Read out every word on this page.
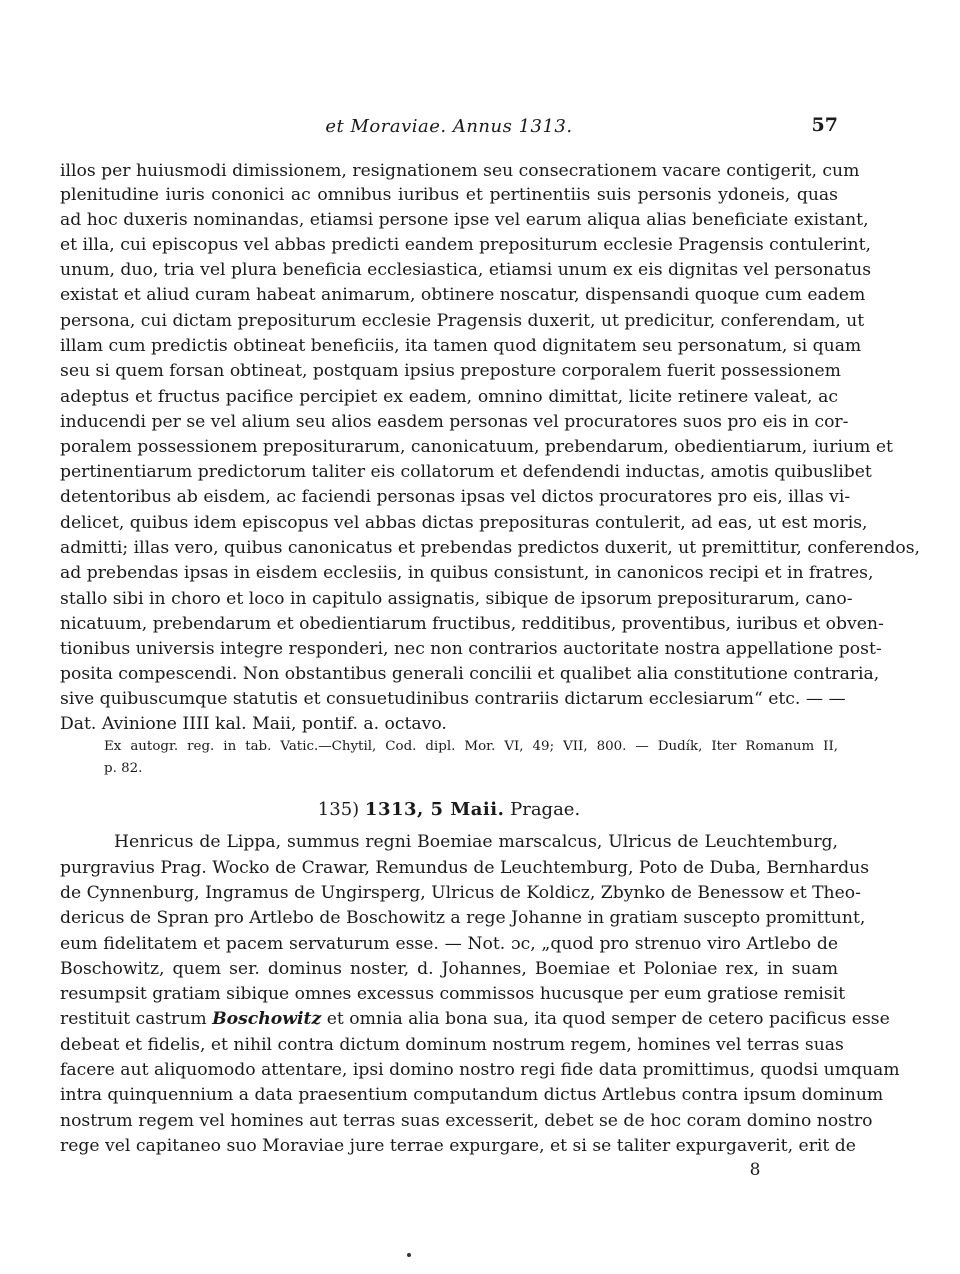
et Moraviae. Annus 1313.	57
illos per huiusmodi dimissionem, resignationem seu consecrationem vacare contigerit, cum
plenitudine iuris cononici ac omnibus iuribus et pertinentiis suis personis ydoneis, quas
ad hoc duxeris nominandas, etiamsi persone ipse vel earum aliqua alias beneficiate existant,
et illa, cui episcopus vel abbas predicti eandem prepositurum ecclesie Pragensis contulerint,
unum, duo, tria vel plura beneficia ecclesiastica, etiamsi unum ex eis dignitas vel personatus
existat et aliud curam habeat animarum, obtinere noscatur, dispensandi quoque cum eadem
persona, cui dictam prepositurum ecclesie Pragensis duxerit, ut predicitur, conferendam, ut
illam cum predictis obtineat beneficiis, ita tamen quod dignitatem seu personatum, si quam
seu si quem forsan obtineat, postquam ipsius preposture corporalem fuerit possessionem
adeptus et fructus pacifice percipiet ex eadem, omnino dimittat, licite retinere valeat, ac
inducendi per se vel alium seu alios easdem personas vel procuratores suos pro eis in cor-
poralem possessionem prepositurarum, canonicatuum, prebendarum, obedientiarum, iurium et
pertinentiarum predictorum taliter eis collatorum et defendendi inductas, amotis quibuslibet
detentoribus ab eisdem, ac faciendi personas ipsas vel dictos procuratores pro eis, illas vi-
delicet, quibus idem episcopus vel abbas dictas preposituras contulerit, ad eas, ut est moris,
admitti; illas vero, quibus canonicatus et prebendas predictos duxerit, ut premittitur, conferendos,
ad prebendas ipsas in eisdem ecclesiis, in quibus consistunt, in canonicos recipi et in fratres,
stallo sibi in choro et loco in capitulo assignatis, sibique de ipsorum prepositurarum, cano-
nicatuum, prebendarum et obedientiarum fructibus, redditibus, proventibus, iuribus et obven-
tionibus universis integre responderi, nec non contrarios auctoritate nostra appellatione post-
posita compescendi. Non obstantibus generali concilii et qualibet alia constitutione contraria,
sive quibuscumque statutis et consuetudinibus contrariis dictarum ecclesiarum“ etc. — —
Dat. Avinione IIII kal. Maii, pontif. a. octavo.
Ex autogr. reg. in tab. Vatic.—Chytil, Cod. dipl. Mor. VI, 49; VII, 800. — Dudík, Iter Romanum II,
p. 82.
135) 1313, 5 Maii. Pragae.
Henricus de Lippa, summus regni Boemiae marscalcus, Ulricus de Leuchtemburg,
purgravius Prag. Wocko de Crawar, Remundus de Leuchtemburg, Poto de Duba, Bernhardus
de Cynnenburg, Ingramus de Ungirsperg, Ulricus de Koldicz, Zbynko de Benessow et Theo-
dericus de Spran pro Artlebo de Boschowitz a rege Johanne in gratiam suscepto promittunt,
eum fidelitatem et pacem servaturum esse. — Not. ɔc, „quod pro strenuo viro Artlebo de
Boschowitz, quem ser. dominus noster, d. Johannes, Boemiae et Poloniae rex, in suam
resumpsit gratiam sibique omnes excessus commissos hucusque per eum gratiose remisit
restituit castrum Boschowitz et omnia alia bona sua, ita quod semper de cetero pacificus esse
debeat et fidelis, et nihil contra dictum dominum nostrum regem, homines vel terras suas
facere aut aliquomodo attentare, ipsi domino nostro regi fide data promittimus, quodsi umquam
intra quinquennium a data praesentium computandum dictus Artlebus contra ipsum dominum
nostrum regem vel homines aut terras suas excesserit, debet se de hoc coram domino nostro
rege vel capitaneo suo Moraviae jure terrae expurgare, et si se taliter expurgaverit, erit de
8
